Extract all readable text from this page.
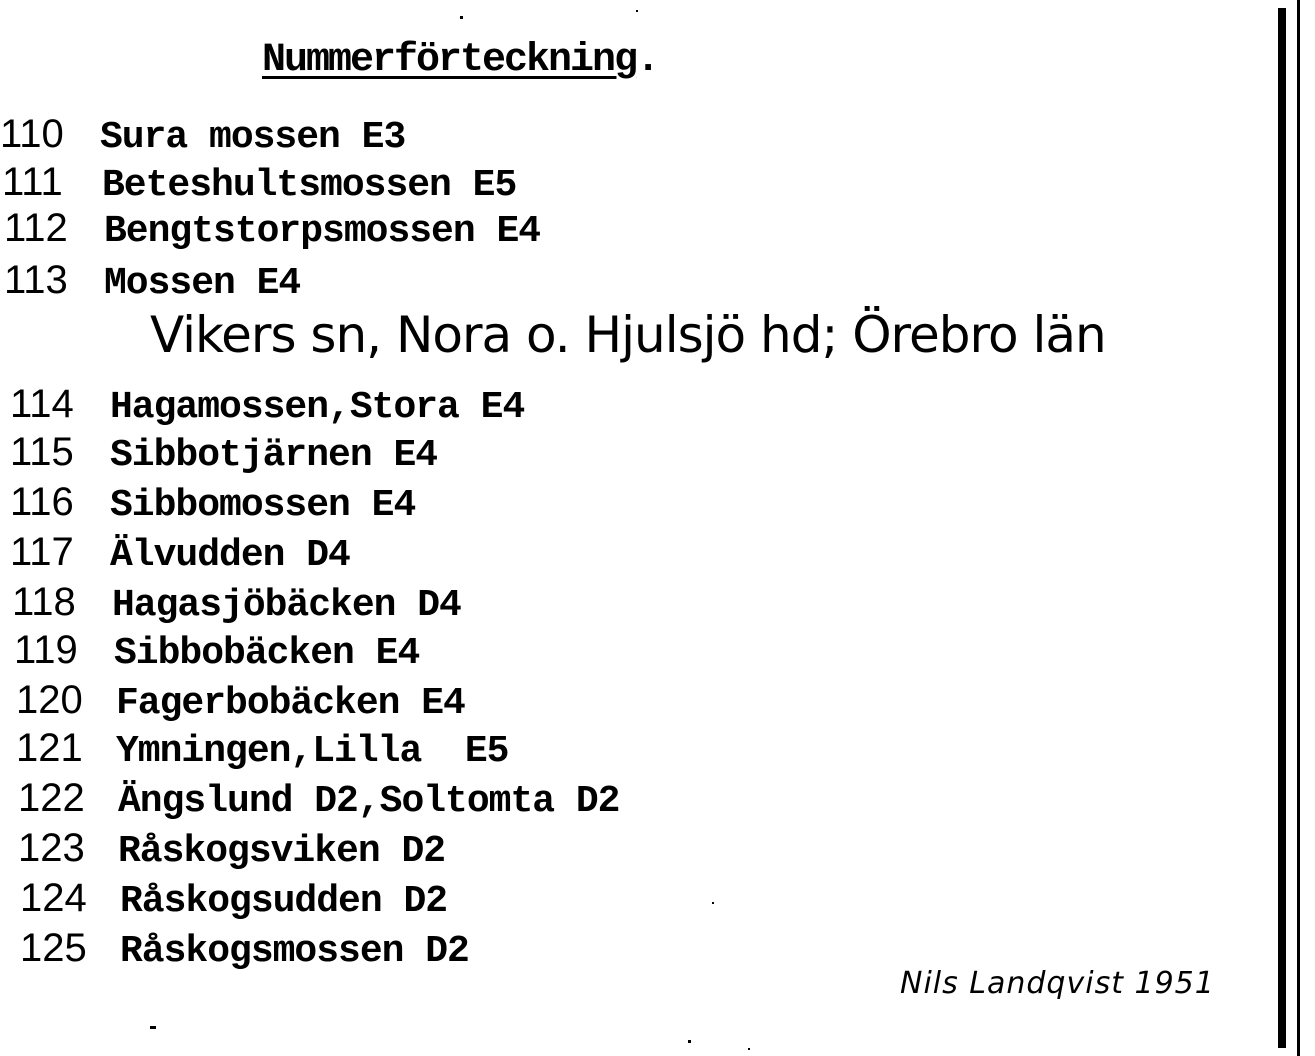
Nummerförteckning.
110 Sura mossen E3
111 Beteshultsmossen E5
112 Bengtstorpsmossen E4
113 Mossen E4
Vikers sn, Nora o. Hjulsjö hd; Örebro län
114 Hagamossen,Stora E4
115 Sibbotjärnen E4
116 Sibbomossen E4
117 Älvudden D4
118 Hagasjöbäcken D4
119 Sibbobäcken E4
120 Fagerbobäcken E4
121 Ymningen,Lilla  E5
122 Ängslund D2,Soltomta D2
123 Råskogsviken D2
124 Råskogsudden D2
125 Råskogsmossen D2
Nils Landqvist 1951
